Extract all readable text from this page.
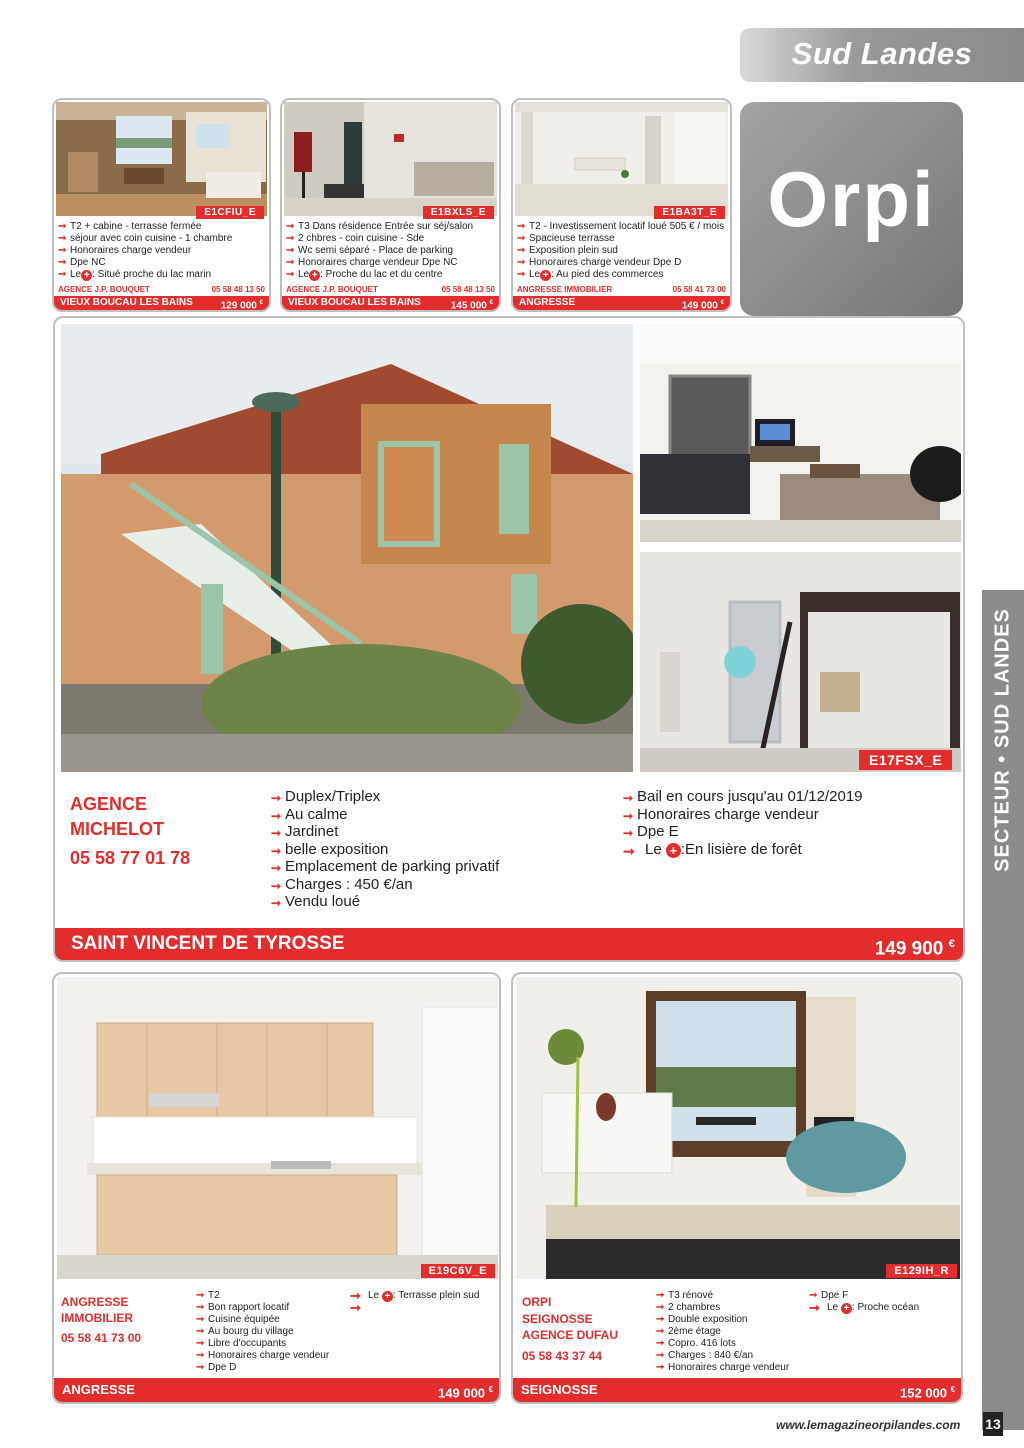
Sud Landes
SECTEUR • SUD LANDES
E1CFIU_E
➞ T2 + cabine - terrasse fermée
➞ séjour avec coin cuisine - 1 chambre
➞ Honoraires charge vendeur
➞ Dpe NC
➞ Le + : Situé proche du lac marin
AGENCE J.P. BOUQUET	05 58 48 13 50
VIEUX BOUCAU LES BAINS	129 000 €
E1BXLS_E
➞ T3 Dans résidence Entrée sur séj/salon
➞ 2 chbres - coin cuisine - Sde
➞ Wc semi séparé - Place de parking
➞ Honoraires charge vendeur Dpe NC
➞ Le + : Proche du lac et du centre
AGENCE J.P. BOUQUET	05 58 48 13 50
VIEUX BOUCAU LES BAINS	145 000 €
E1BA3T_E
➞ T2 - Investissement locatif loué 505 € / mois
➞ Spacieuse terrasse
➞ Exposition plein sud
➞ Honoraires charge vendeur Dpe D
➞ Le + : Au pied des commerces
ANGRESSE IMMOBILIER	05 58 41 73 00
ANGRESSE	149 000 €
Orpi
E17FSX_E
AGENCE
MICHELOT
05 58 77 01 78
➞ Duplex/Triplex
➞ Au calme
➞ Jardinet
➞ belle exposition
➞ Emplacement de parking privatif
➞ Charges : 450 €/an
➞ Vendu loué
➞ Bail en cours jusqu'au 01/12/2019
➞ Honoraires charge vendeur
➞ Dpe E
➞ Le + :En lisière de forêt
SAINT VINCENT DE TYROSSE	149 900 €
E19C6V_E
ANGRESSE
IMMOBILIER
05 58 41 73 00
➞ T2
➞ Bon rapport locatif
➞ Cuisine équipée
➞ Au bourg du village
➞ Libre d'occupants
➞ Honoraires charge vendeur
➞ Dpe D
➞ Le + : Terrasse plein sud
➞
ANGRESSE	149 000 €
E129IH_R
ORPI
SEIGNOSSE
AGENCE DUFAU
05 58 43 37 44
➞ T3 rénové
➞ 2 chambres
➞ Double exposition
➞ 2ème étage
➞ Copro. 416 lots
➞ Charges : 840 €/an
➞ Honoraires charge vendeur
➞ Dpe F
➞ Le + : Proche océan
SEIGNOSSE	152 000 €
www.lemagazineorpilandes.com 13
